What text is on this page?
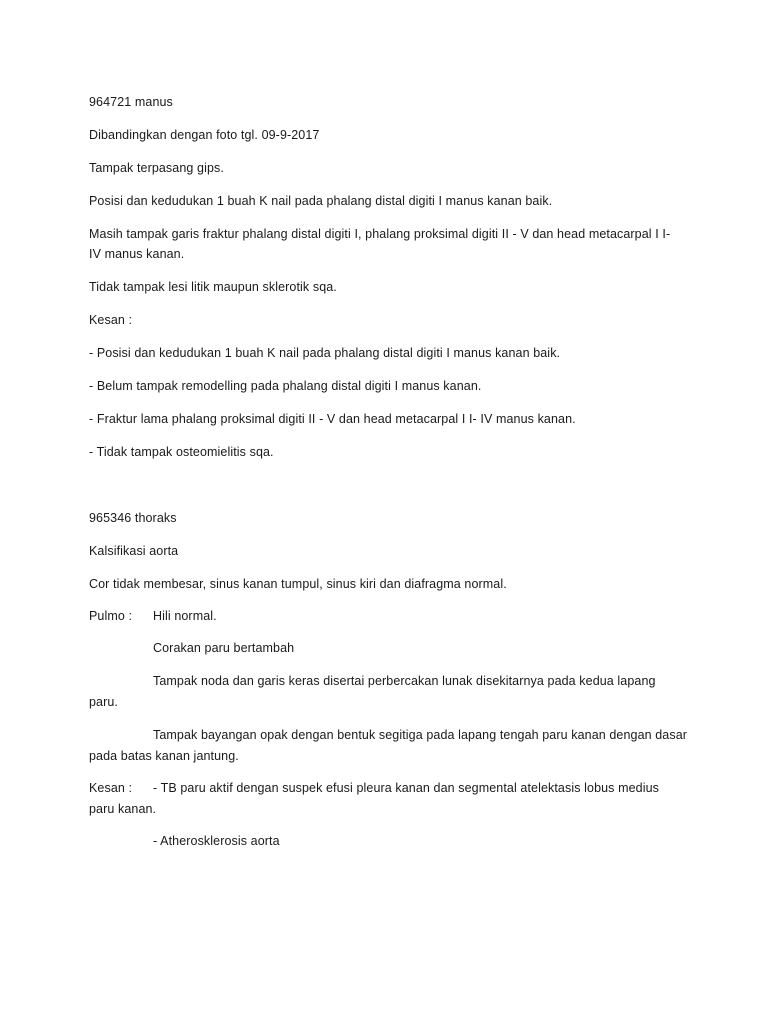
964721 manus
Dibandingkan dengan foto tgl. 09-9-2017
Tampak terpasang gips.
Posisi dan kedudukan 1 buah K nail pada phalang distal digiti I manus kanan baik.
Masih tampak garis fraktur phalang distal digiti I, phalang proksimal digiti II - V dan head metacarpal I I-
IV manus kanan.
Tidak tampak lesi litik maupun sklerotik sqa.
Kesan :
- Posisi dan kedudukan 1 buah K nail pada phalang distal digiti I manus kanan baik.
- Belum tampak remodelling pada phalang distal digiti I manus kanan.
- Fraktur lama phalang proksimal digiti II - V dan head metacarpal I I- IV manus kanan.
- Tidak tampak osteomielitis sqa.
965346 thoraks
Kalsifikasi aorta
Cor tidak membesar, sinus kanan tumpul, sinus kiri dan diafragma normal.
Pulmo : Hili normal.
Corakan paru bertambah
Tampak noda dan garis keras disertai perbercakan lunak disekitarnya pada kedua lapang
paru.
Tampak bayangan opak dengan bentuk segitiga pada lapang tengah paru kanan dengan dasar
pada batas kanan jantung.
Kesan : - TB paru aktif dengan suspek efusi pleura kanan dan segmental atelektasis lobus medius
paru kanan.
- Atherosklerosis aorta
